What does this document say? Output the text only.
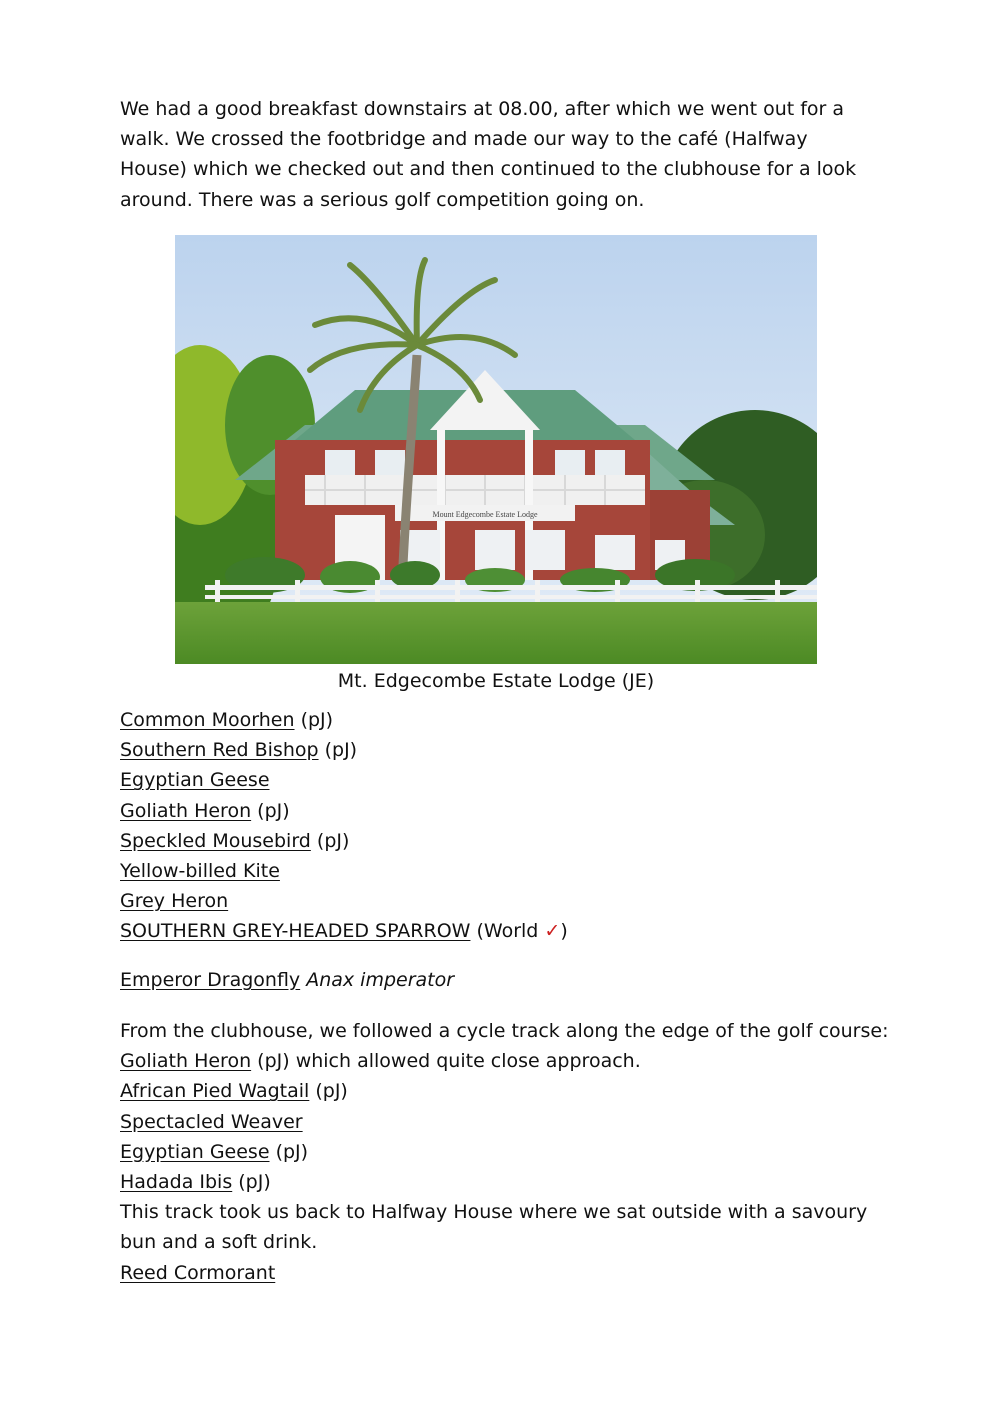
We had a good breakfast downstairs at 08.00, after which we went out for a walk. We crossed the footbridge and made our way to the café (Halfway House) which we checked out and then continued to the clubhouse for a look around. There was a serious golf competition going on.

Mount Edgecombe Estate Lodge
Mt. Edgecombe Estate Lodge (JE)
Common Moorhen (pJ)
Southern Red Bishop (pJ)
Egyptian Geese
Goliath Heron (pJ)
Speckled Mousebird (pJ)
Yellow-billed Kite
Grey Heron
SOUTHERN GREY-HEADED SPARROW (World ✓)
Emperor Dragonfly Anax imperator
From the clubhouse, we followed a cycle track along the edge of the golf course:
Goliath Heron (pJ) which allowed quite close approach.
African Pied Wagtail (pJ)
Spectacled Weaver
Egyptian Geese (pJ)
Hadada Ibis (pJ)
This track took us back to Halfway House where we sat outside with a savoury
bun and a soft drink.
Reed Cormorant
